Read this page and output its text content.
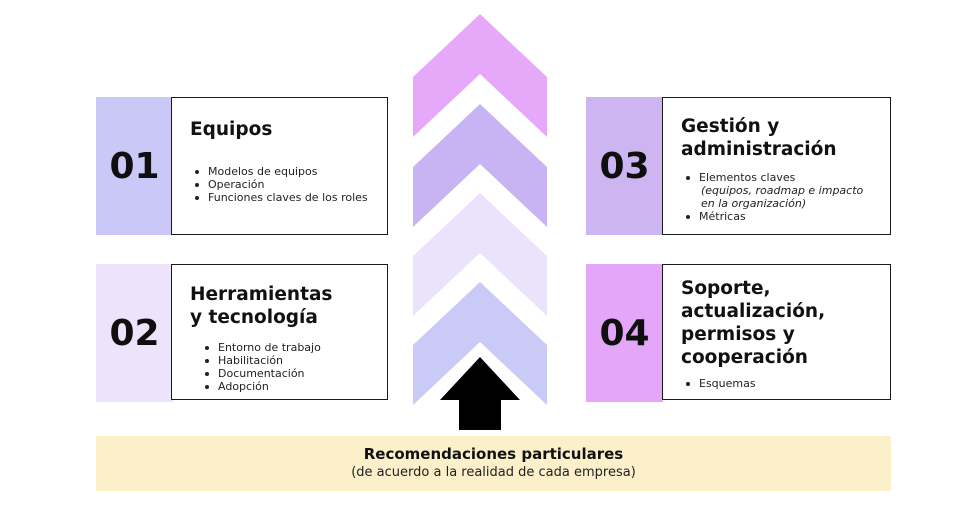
01
Equipos
Modelos de equipos
Operación
Funciones claves de los roles
02
Herramientas y tecnología
Entorno de trabajo
Habilitación
Documentación
Adopción
03
Gestión y administración
Elementos claves
(equipos, roadmap e impacto en la organización)
Métricas
04
Soporte, actualización, permisos y cooperación
Esquemas
Recomendaciones particulares
(de acuerdo a la realidad de cada empresa)
